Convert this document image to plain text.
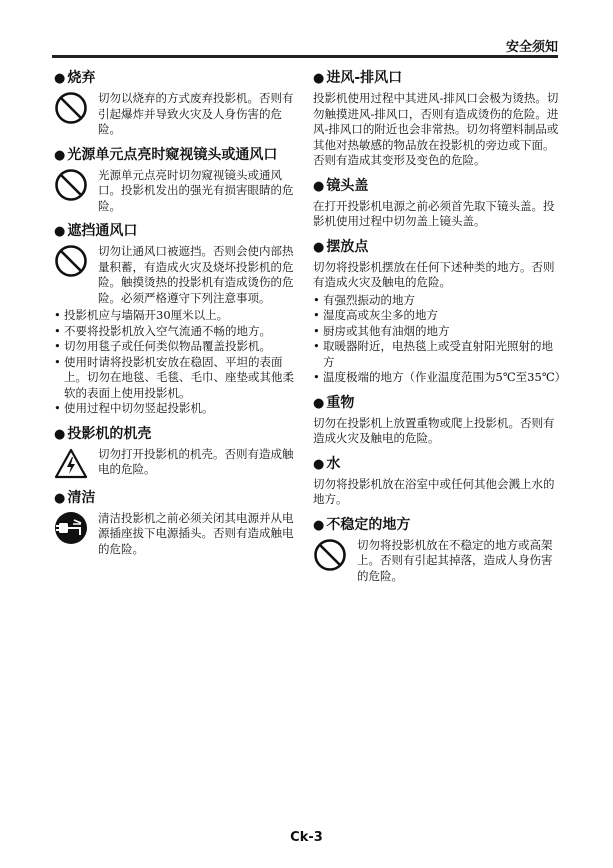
安全须知
● 烧弃
切勿以烧弃的方式废弃投影机。否则有引起爆炸并导致火灾及人身伤害的危险。
● 光源单元点亮时窥视镜头或通风口
光源单元点亮时切勿窥视镜头或通风口。投影机发出的强光有损害眼睛的危险。
● 遮挡通风口
切勿让通风口被遮挡。否则会使内部热量积蓄，有造成火灾及烧坏投影机的危险。触摸烫热的投影机有造成烫伤的危险。必须严格遵守下列注意事项。
• 投影机应与墙隔开30厘米以上。
• 不要将投影机放入空气流通不畅的地方。
• 切勿用毯子或任何类似物品覆盖投影机。
• 使用时请将投影机安放在稳固、平坦的表面上。切勿在地毯、毛毯、毛巾、座垫或其他柔软的表面上使用投影机。
• 使用过程中切勿竖起投影机。
● 投影机的机壳
切勿打开投影机的机壳。否则有造成触电的危险。
● 清洁
清洁投影机之前必须关闭其电源并从电源插座拔下电源插头。否则有造成触电的危险。
● 进风-排风口

投影机使用过程中其进风-排风口会极为烫热。切勿触摸进风-排风口，否则有造成烫伤的危险。进风-排风口的附近也会非常热。切勿将塑料制品或其他对热敏感的物品放在投影机的旁边或下面。否则有造成其变形及变色的危险。

● 镜头盖

在打开投影机电源之前必须首先取下镜头盖。投影机使用过程中切勿盖上镜头盖。

● 摆放点

切勿将投影机摆放在任何下述种类的地方。否则有造成火灾及触电的危险。

• 有强烈振动的地方
• 湿度高或灰尘多的地方
• 厨房或其他有油烟的地方
• 取暖器附近，电热毯上或受直射阳光照射的地方
• 温度极端的地方（作业温度范围为5℃至35℃）
● 重物

切勿在投影机上放置重物或爬上投影机。否则有造成火灾及触电的危险。

● 水

切勿将投影机放在浴室中或任何其他会溅上水的地方。

● 不稳定的地方
切勿将投影机放在不稳定的地方或高架上。否则有引起其掉落，造成人身伤害的危险。
Ck-3
